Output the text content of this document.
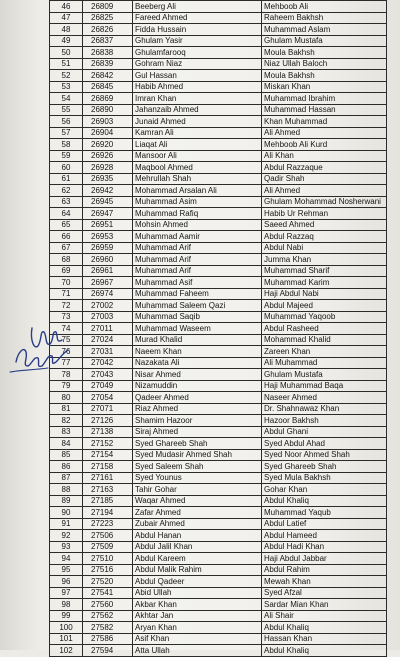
46	26809	Beeberg Ali	Mehboob Ali
47	26825	Fareed Ahmed	Raheem Bakhsh
48	26826	Fidda Hussain	Muhammad Aslam
49	26837	Ghulam Yasir	Ghulam Mustafa
50	26838	Ghulamfarooq	Moula Bakhsh
51	26839	Gohram Niaz	Niaz Ullah Baloch
52	26842	Gul Hassan	Moula Bakhsh
53	26845	Habib Ahmed	Miskan Khan
54	26869	Imran Khan	Muhammad Ibrahim
55	26890	Jahanzaib Ahmed	Muhammad Hassan
56	26903	Junaid Ahmed	Khan Muhammad
57	26904	Kamran Ali	Ali Ahmed
58	26920	Liaqat Ali	Mehboob Ali Kurd
59	26926	Mansoor Ali	Ali Khan
60	26928	Maqbool Ahmed	Abdul Razzaque
61	26935	Mehrullah Shah	Qadir Shah
62	26942	Mohammad Arsalan Ali	Ali Ahmed
63	26945	Muhammad Asim	Ghulam Mohammad Nosherwani
64	26947	Muhammad Rafiq	Habib Ur Rehman
65	26951	Mohsin Ahmed	Saeed Ahmed
66	26953	Muhammad Aamir	Abdul Razzaq
67	26959	Muhammad Arif	Abdul Nabi
68	26960	Muhammad Arif	Jumma Khan
69	26961	Muhammad Arif	Muhammad Sharif
70	26967	Muhammad Asif	Muhammad Karim
71	26974	Muhammad Faheem	Haji Abdul Nabi
72	27002	Muhammad Saleem Qazi	Abdul Majeed
73	27003	Muhammad Saqib	Muhammad Yaqoob
74	27011	Muhammad Waseem	Abdul Rasheed
75	27024	Murad Khalid	Mohammad Khalid
76	27031	Naeem Khan	Zareen Khan
77	27042	Nazakata Ali	Ali Muhammad
78	27043	Nisar Ahmed	Ghulam Mustafa
79	27049	Nizamuddin	Haji Muhammad Baqa
80	27054	Qadeer Ahmed	Naseer Ahmed
81	27071	Riaz Ahmed	Dr. Shahnawaz Khan
82	27126	Shamim Hazoor	Hazoor Bakhsh
83	27138	Siraj Ahmed	Abdul Ghani
84	27152	Syed Ghareeb Shah	Syed Abdul Ahad
85	27154	Syed Mudasir Ahmed Shah	Syed Noor Ahmed Shah
86	27158	Syed Saleem Shah	Syed Ghareeb Shah
87	27161	Syed Younus	Syed Mula Bakhsh
88	27163	Tahir Gohar	Gohar Khan
89	27185	Waqar Ahmed	Abdul Khaliq
90	27194	Zafar Ahmed	Muhammad Yaqub
91	27223	Zubair Ahmed	Abdul Latief
92	27506	Abdul Hanan	Abdul Hameed
93	27509	Abdul Jalil Khan	Abdul Hadi Khan
94	27510	Abdul Kareem	Haji Abdul Jabbar
95	27516	Abdul Malik Rahim	Abdul Rahim
96	27520	Abdul Qadeer	Mewah Khan
97	27541	Abid Ullah	Syed Afzal
98	27560	Akbar Khan	Sardar Mian Khan
99	27562	Akhtar Jan	Ali Shair
100	27582	Aryan Khan	Abdul Khaliq
101	27586	Asif Khan	Hassan Khan
102	27594	Atta Ullah	Abdul Khaliq
